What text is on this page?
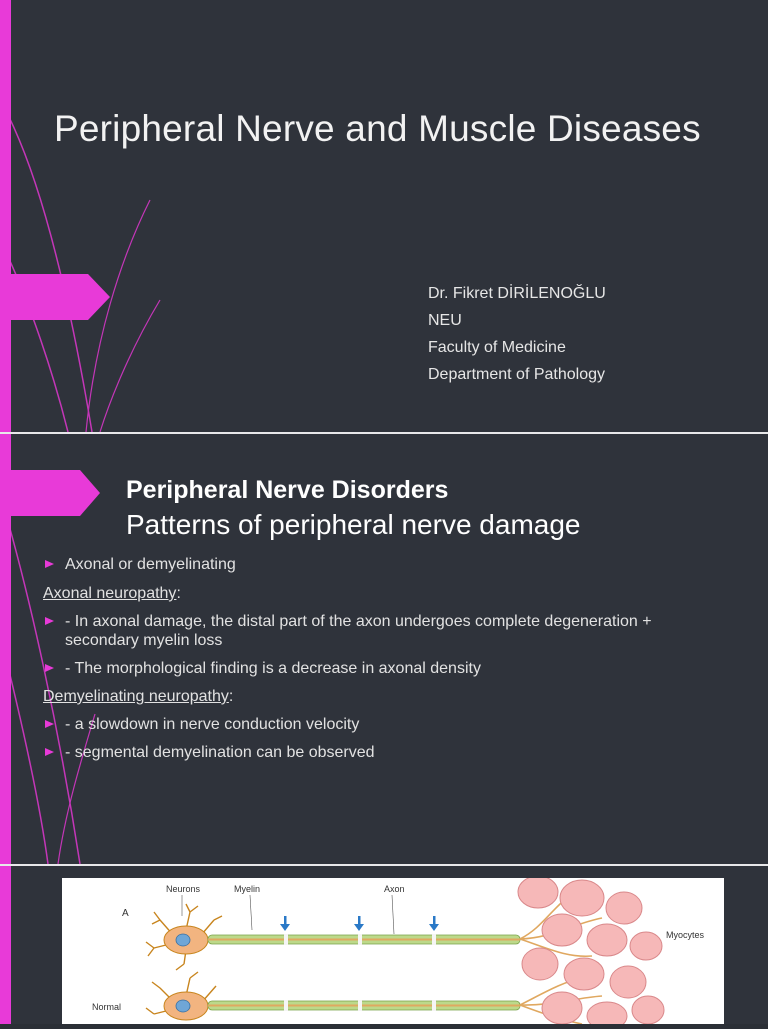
Peripheral Nerve and Muscle Diseases
Dr. Fikret DİRİLENOĞLU
NEU
Faculty of Medicine
Department of Pathology
Peripheral Nerve Disorders
Patterns of peripheral nerve damage
Axonal or demyelinating
Axonal neuropathy:
- In axonal damage, the distal part of the axon undergoes complete degeneration +
secondary myelin loss
- The morphological finding is a decrease in axonal density
Demyelinating neuropathy:
- a slowdown in nerve conduction velocity
- segmental demyelination can be observed
Neurons	Myelin	Axon
A
Myocytes
Normal
